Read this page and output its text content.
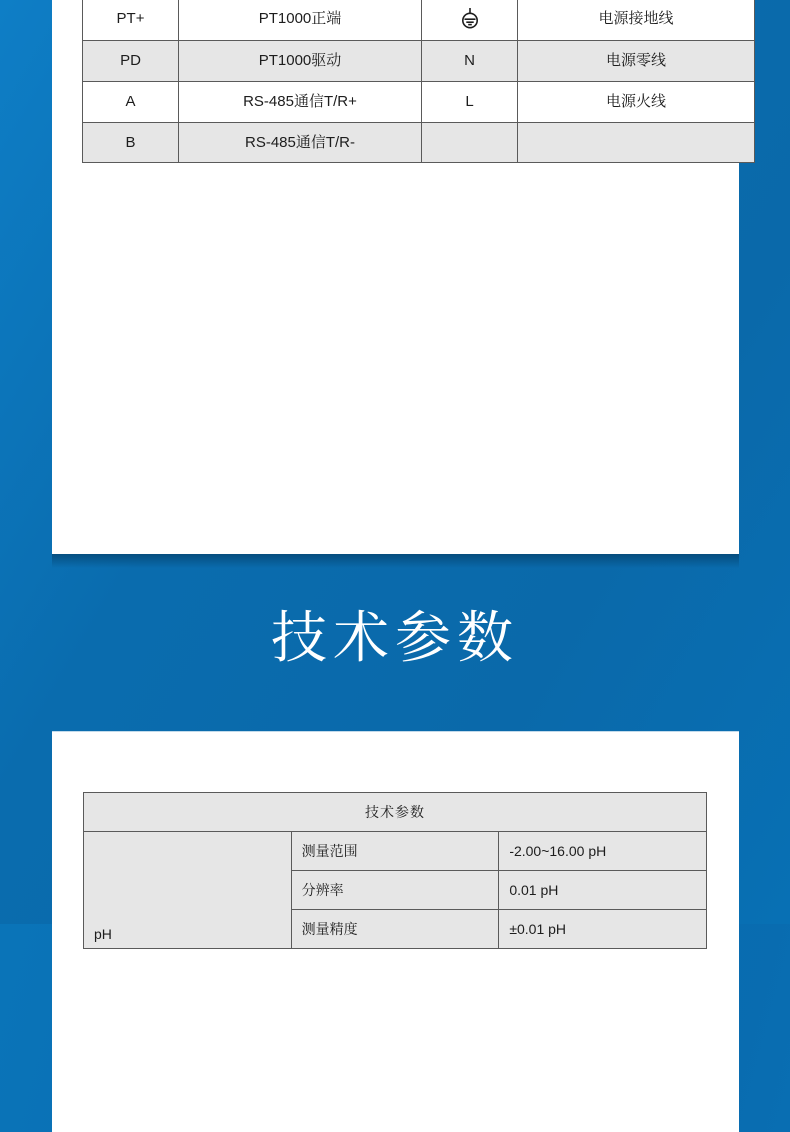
PT+	PT1000正端		电源接地线
PD	PT1000驱动	N	电源零线
A	RS-485通信T/R+	L	电源火线
B	RS-485通信T/R-		
技术参数
技术参数		
pH	测量范围	-2.00~16.00 pH
	分辨率	0.01 pH
	测量精度	±0.01 pH
